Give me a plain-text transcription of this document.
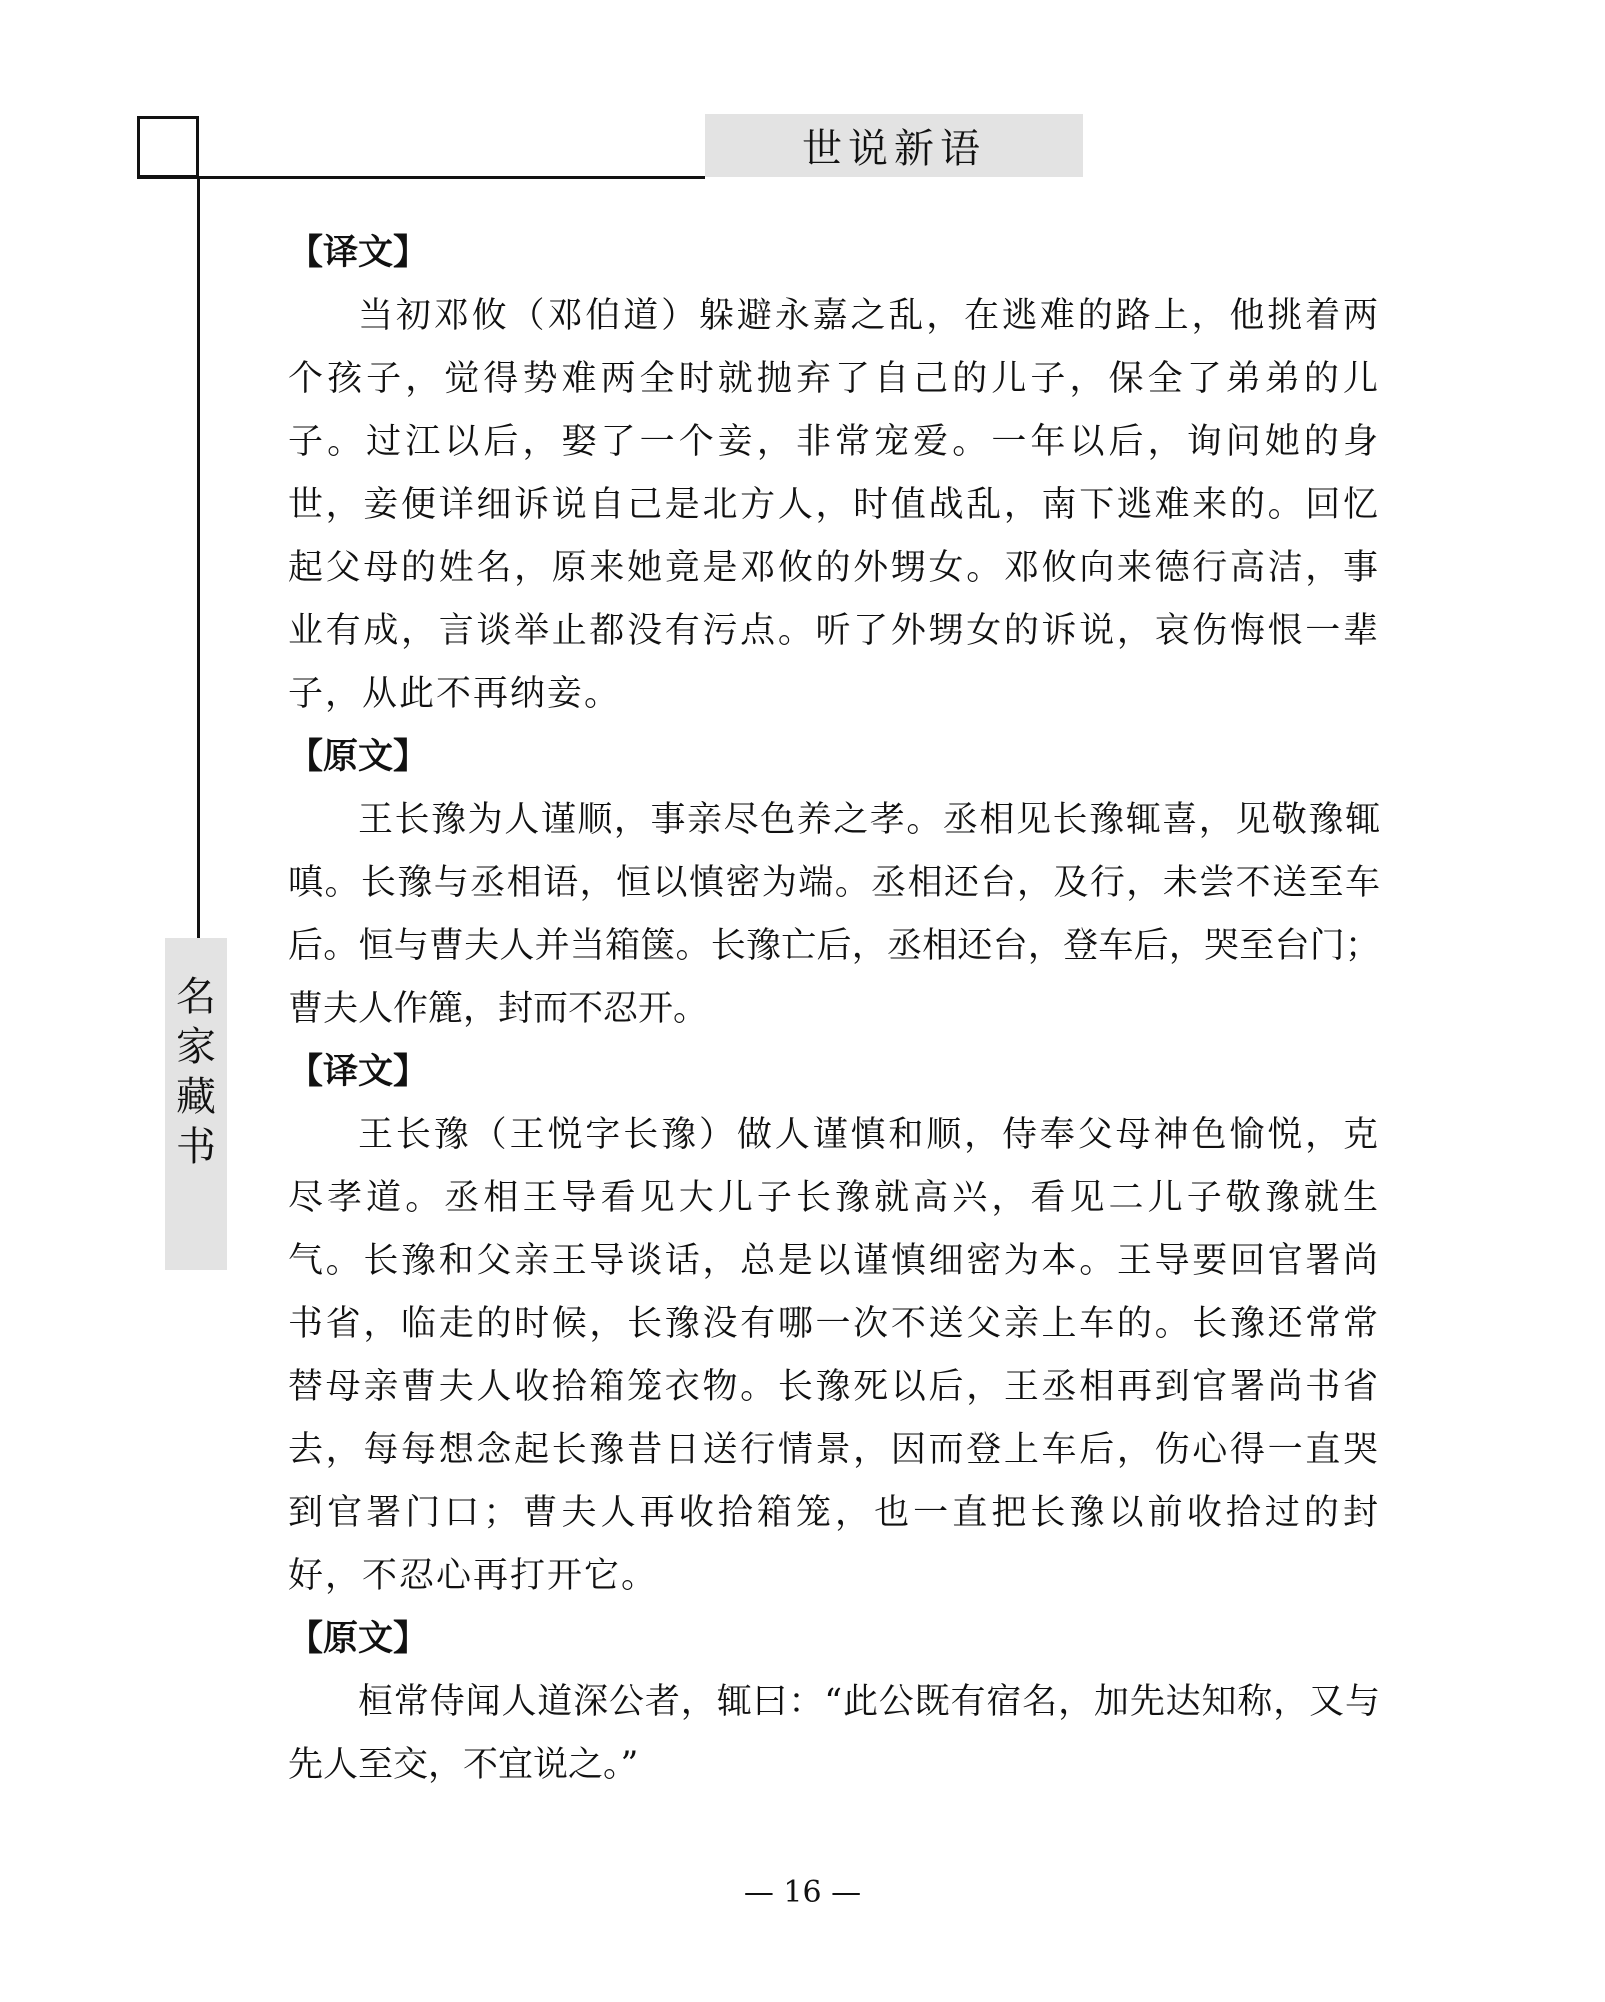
世说新语
名
家
藏
书
【译文】

当初邓攸（邓伯道）躲避永嘉之乱，在逃难的路上，他挑着两个孩子，觉得势难两全时就抛弃了自己的儿子，保全了弟弟的儿子。过江以后，娶了一个妾，非常宠爱。一年以后，询问她的身世，妾便详细诉说自己是北方人，时值战乱，南下逃难来的。回忆起父母的姓名，原来她竟是邓攸的外甥女。邓攸向来德行高洁，事业有成，言谈举止都没有污点。听了外甥女的诉说，哀伤悔恨一辈子，从此不再纳妾。

【原文】

王长豫为人谨顺，事亲尽色养之孝。丞相见长豫辄喜，见敬豫辄嗔。长豫与丞相语，恒以慎密为端。丞相还台，及行，未尝不送至车后。恒与曹夫人并当箱箧。长豫亡后，丞相还台，登车后，哭至台门；曹夫人作簏，封而不忍开。

【译文】

王长豫（王悦字长豫）做人谨慎和顺，侍奉父母神色愉悦，克尽孝道。丞相王导看见大儿子长豫就高兴，看见二儿子敬豫就生气。长豫和父亲王导谈话，总是以谨慎细密为本。王导要回官署尚书省，临走的时候，长豫没有哪一次不送父亲上车的。长豫还常常替母亲曹夫人收拾箱笼衣物。长豫死以后，王丞相再到官署尚书省去，每每想念起长豫昔日送行情景，因而登上车后，伤心得一直哭到官署门口；曹夫人再收拾箱笼，也一直把长豫以前收拾过的封好，不忍心再打开它。

【原文】

桓常侍闻人道深公者，辄曰：“此公既有宿名，加先达知称，又与先人至交，不宜说之。”

— 16 —
